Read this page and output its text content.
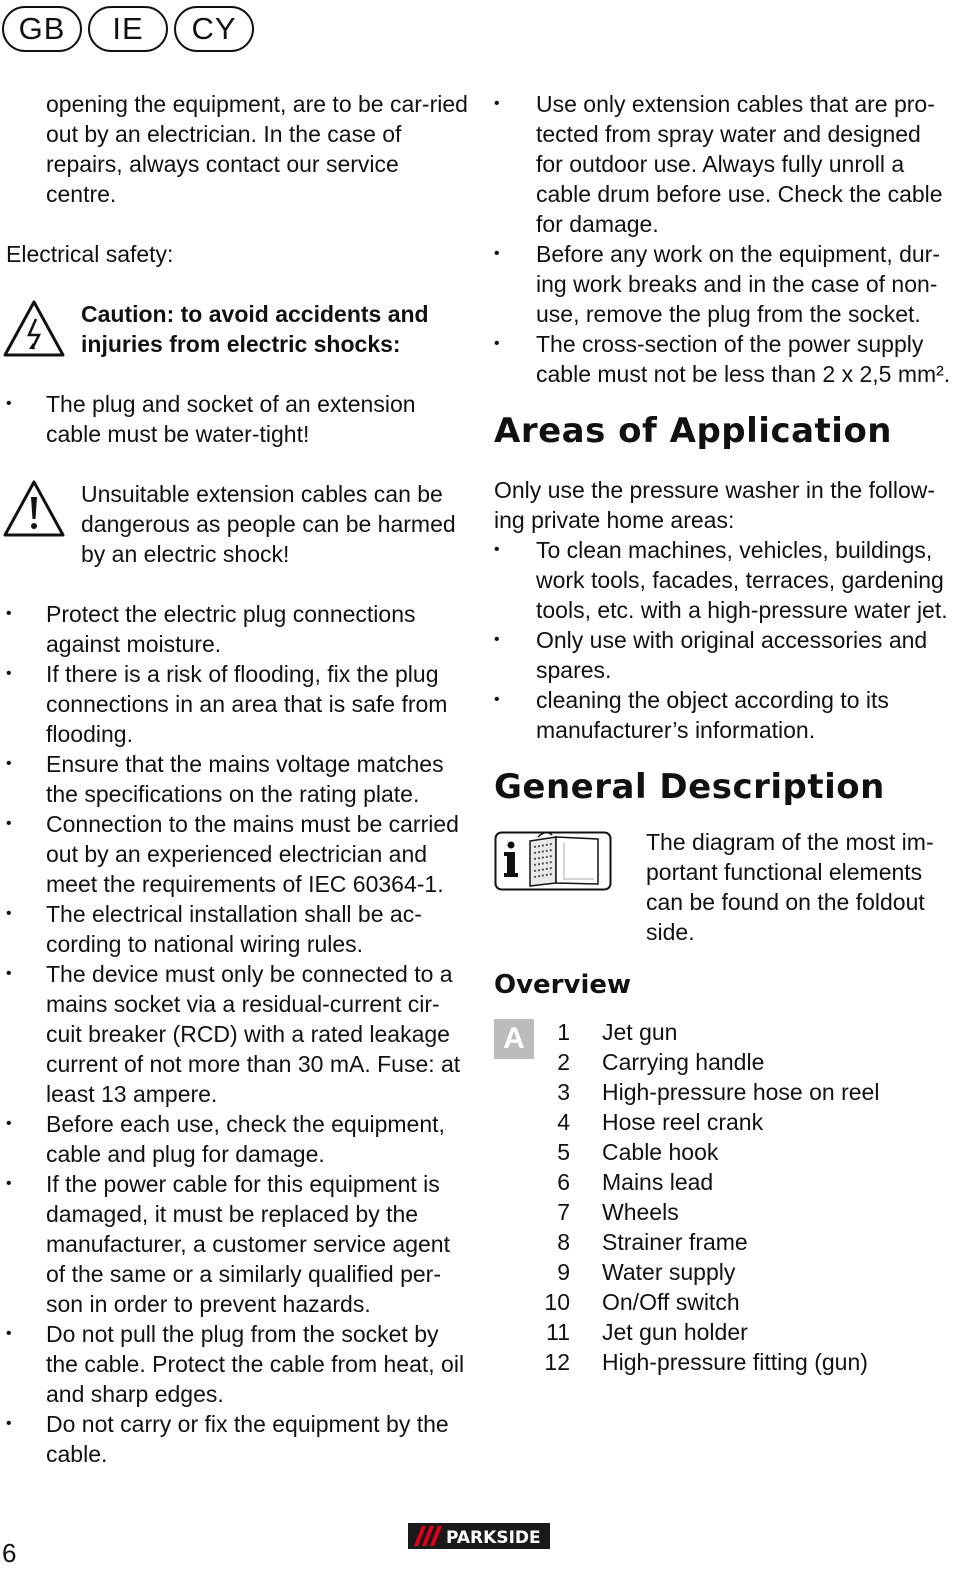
GB	IE	CY

opening the equipment, are to be car-ried out by an electrician. In the case of repairs, always contact our service centre.

Electrical safety:

Caution: to avoid accidents and injuries from electric shocks:

• The plug and socket of an extension cable must be water-tight!

Unsuitable extension cables can be dangerous as people can be harmed by an electric shock!

• Protect the electric plug connections against moisture.
• If there is a risk of flooding, fix the plug connections in an area that is safe from flooding.
• Ensure that the mains voltage matches the specifications on the rating plate.
• Connection to the mains must be carried out by an experienced electrician and meet the requirements of IEC 60364-1.
• The electrical installation shall be ac-cording to national wiring rules.
• The device must only be connected to a mains socket via a residual-current cir-cuit breaker (RCD) with a rated leakage current of not more than 30 mA. Fuse: at least 13 ampere.
• Before each use, check the equipment, cable and plug for damage.
• If the power cable for this equipment is damaged, it must be replaced by the manufacturer, a customer service agent of the same or a similarly qualified per-son in order to prevent hazards.
• Do not pull the plug from the socket by the cable. Protect the cable from heat, oil and sharp edges.
• Do not carry or fix the equipment by the cable.
• Use only extension cables that are pro-tected from spray water and designed for outdoor use. Always fully unroll a cable drum before use. Check the cable for damage.
• Before any work on the equipment, dur-ing work breaks and in the case of non-use, remove the plug from the socket.
• The cross-section of the power supply cable must not be less than 2 x 2,5 mm².
Areas of Application

Only use the pressure washer in the follow-ing private home areas:

• To clean machines, vehicles, buildings, work tools, facades, terraces, gardening tools, etc. with a high-pressure water jet.
• Only use with original accessories and spares.
• cleaning the object according to its manufacturer’s information.
General Description

The diagram of the most im-portant functional elements can be found on the foldout side.

Overview
A	1	Jet gun
2	Carrying handle
3	High-pressure hose on reel
4	Hose reel crank
5	Cable hook
6	Mains lead
7	Wheels
8	Strainer frame
9	Water supply
10	On/Off switch
11	Jet gun holder
12	High-pressure fitting (gun)
6	PARKSIDE
